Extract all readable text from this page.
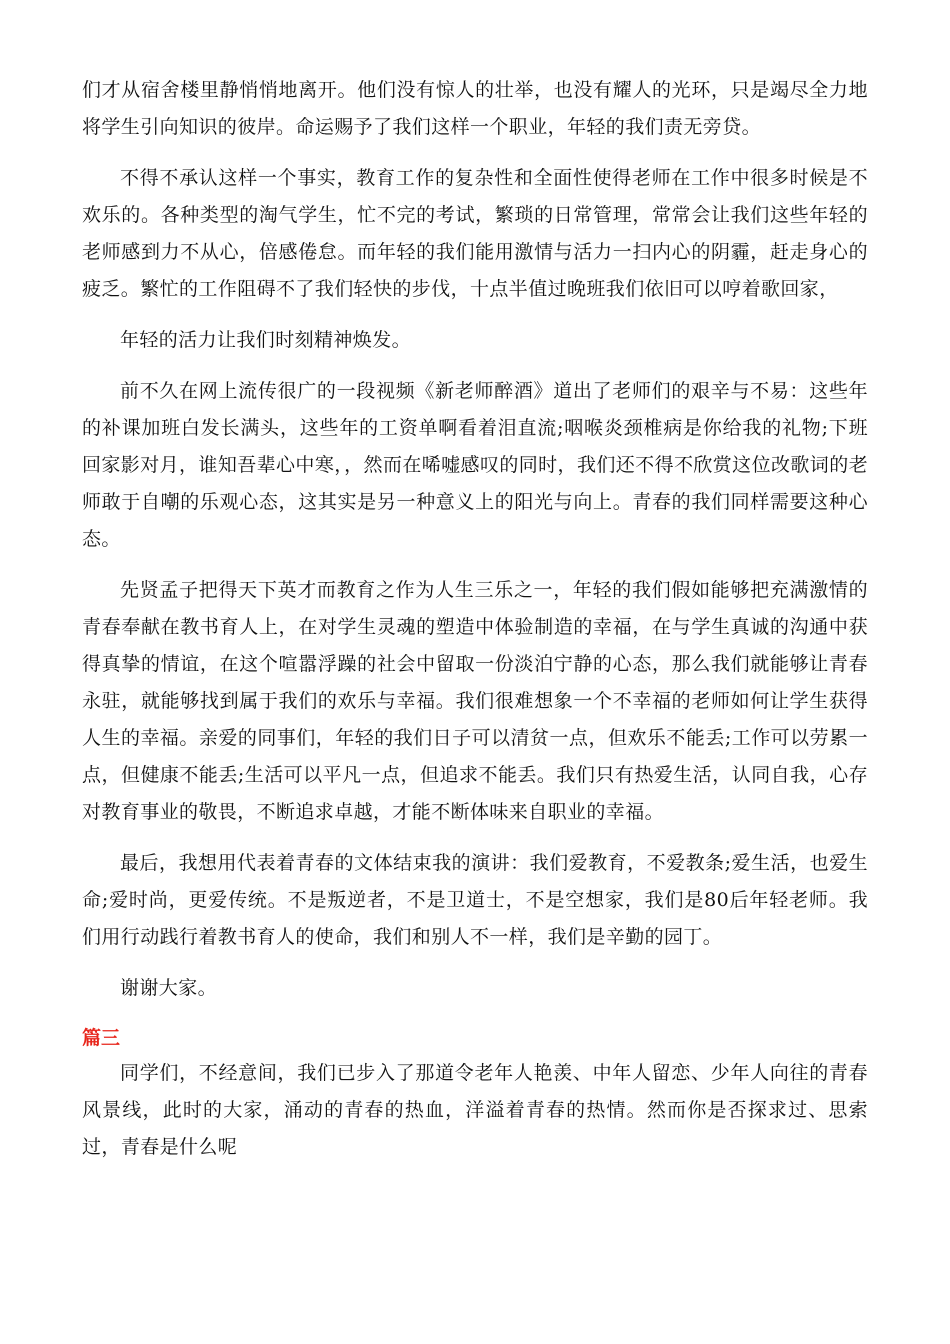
们才从宿舍楼里静悄悄地离开。他们没有惊人的壮举，也没有耀人的光环，只是竭尽全力地将学生引向知识的彼岸。命运赐予了我们这样一个职业，年轻的我们责无旁贷。

不得不承认这样一个事实，教育工作的复杂性和全面性使得老师在工作中很多时候是不欢乐的。各种类型的淘气学生，忙不完的考试，繁琐的日常管理，常常会让我们这些年轻的老师感到力不从心，倍感倦怠。而年轻的我们能用激情与活力一扫内心的阴霾，赶走身心的疲乏。繁忙的工作阻碍不了我们轻快的步伐，十点半值过晚班我们依旧可以哼着歌回家，

年轻的活力让我们时刻精神焕发。

前不久在网上流传很广的一段视频《新老师醉酒》道出了老师们的艰辛与不易：这些年的补课加班白发长满头，这些年的工资单啊看着泪直流;咽喉炎颈椎病是你给我的礼物;下班回家影对月，谁知吾辈心中寒，，然而在唏嘘感叹的同时，我们还不得不欣赏这位改歌词的老师敢于自嘲的乐观心态，这其实是另一种意义上的阳光与向上。青春的我们同样需要这种心态。

先贤孟子把得天下英才而教育之作为人生三乐之一，年轻的我们假如能够把充满激情的青春奉献在教书育人上，在对学生灵魂的塑造中体验制造的幸福，在与学生真诚的沟通中获得真挚的情谊，在这个喧嚣浮躁的社会中留取一份淡泊宁静的心态，那么我们就能够让青春永驻，就能够找到属于我们的欢乐与幸福。我们很难想象一个不幸福的老师如何让学生获得人生的幸福。亲爱的同事们，年轻的我们日子可以清贫一点，但欢乐不能丢;工作可以劳累一点，但健康不能丢;生活可以平凡一点，但追求不能丢。我们只有热爱生活，认同自我，心存对教育事业的敬畏，不断追求卓越，才能不断体味来自职业的幸福。

最后，我想用代表着青春的文体结束我的演讲：我们爱教育，不爱教条;爱生活，也爱生命;爱时尚，更爱传统。不是叛逆者，不是卫道士，不是空想家，我们是80后年轻老师。我们用行动践行着教书育人的使命，我们和别人不一样，我们是辛勤的园丁。

谢谢大家。

篇三

同学们，不经意间，我们已步入了那道令老年人艳羡、中年人留恋、少年人向往的青春风景线，此时的大家，涌动的青春的热血，洋溢着青春的热情。然而你是否探求过、思索过，青春是什么呢
